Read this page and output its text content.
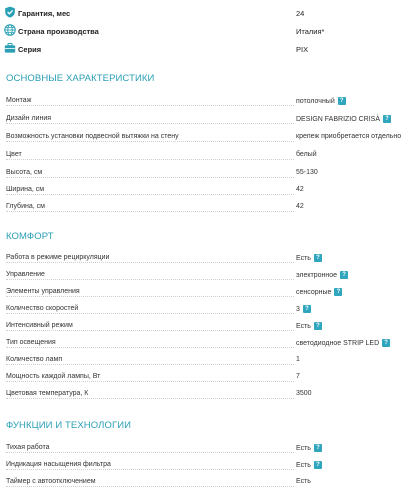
Гарантия, мес	24
Страна производства	Италия*
Серия	PIX
ОСНОВНЫЕ ХАРАКТЕРИСТИКИ
Монтаж	потолочный ?
Дизайн линия	DESIGN FABRIZIO CRISÀ ?
Возможность установки подвесной вытяжки на стену	крепеж приобретается отдельно
Цвет	белый
Высота, см	55-130
Ширина, см	42
Глубина, см	42
КОМФОРТ
Работа в режиме рециркуляции	Есть ?
Управление	электронное ?
Элементы управления	сенсорные ?
Количество скоростей	3 ?
Интенсивный режим	Есть ?
Тип освещения	светодиодное STRIP LED ?
Количество ламп	1
Мощность каждой лампы, Вт	7
Цветовая температура, К	3500
ФУНКЦИИ И ТЕХНОЛОГИИ
Тихая работа	Есть ?
Индикация насыщения фильтра	Есть ?
Таймер с автоотключением	Есть
